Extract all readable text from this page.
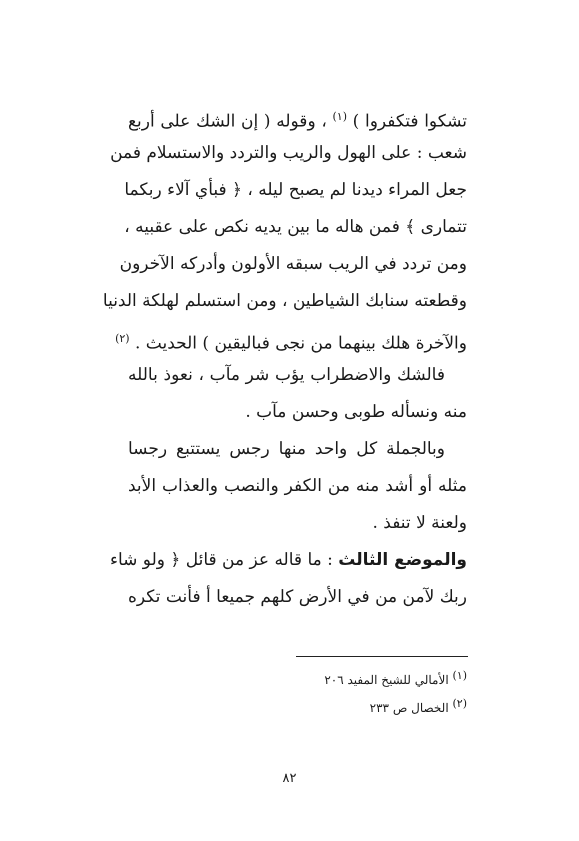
تشكوا فتكفروا ) $^{(١)}$ ، وقوله ( إن الشك على أربع
شعب : على الهول والريب والتردد والاستسلام فمن
جعل المراء ديدنا لم يصبح ليله ، ﴿ فبأي آلاء ربكما
تتمارى ﴾ فمن هاله ما بين يديه نكص على عقبيه ،
ومن تردد في الريب سبقه الأولون وأدركه الآخرون
وقطعته سنابك الشياطين ، ومن استسلم لهلكة الدنيا
والآخرة هلك بينهما من نجى فباليقين ) الحديث . $^{(٢)}$
فالشك والاضطراب يؤب شر مآب ، نعوذ بالله
منه ونسأله طوبى وحسن مآب .
وبالجملة كل واحد منها رجس يستتبع رجسا
مثله أو أشد منه من الكفر والنصب والعذاب الأبد
ولعنة لا تنفذ .
والموضع الثالث : ما قاله عز من قائل ﴿ ولو شاء
ربك لآمن من في الأرض كلهم جميعا أ فأنت تكره
(١) الأمالي للشيخ المفيد ٢٠٦
(٢) الخصال ص ٢٣٣
٨٢
